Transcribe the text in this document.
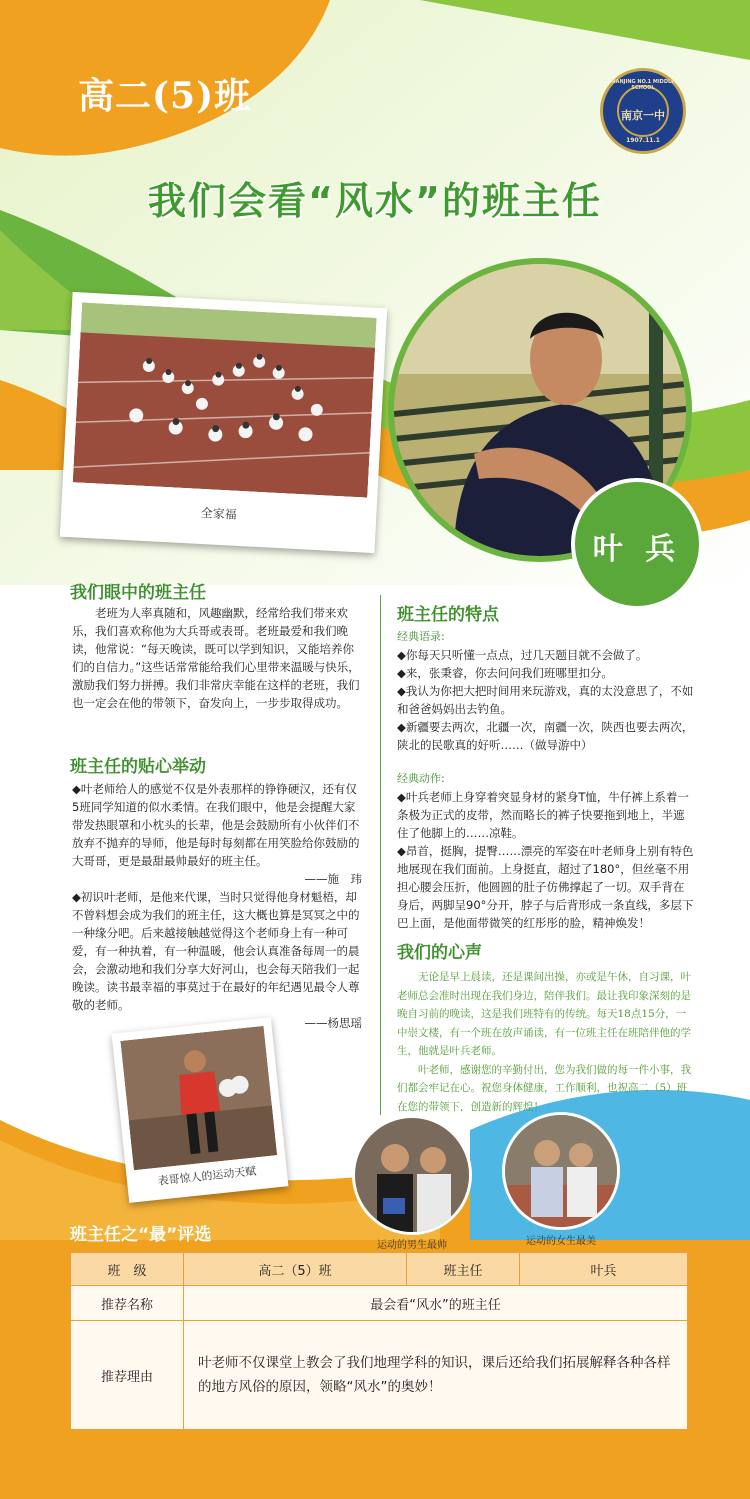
高二(5)班	NANJING NO.1 MIDDLE SCHOOL
南京一中
1907.11.1
我们会看“风水”的班主任
全家福
叶 兵
我们眼中的班主任

老班为人率真随和，风趣幽默，经常给我们带来欢乐，我们喜欢称他为大兵哥或表哥。老班最爱和我们晚读，他常说：“每天晚读，既可以学到知识，又能培养你们的自信力。”这些话常常能给我们心里带来温暖与快乐，激励我们努力拼搏。我们非常庆幸能在这样的老班，我们也一定会在他的带领下，奋发向上，一步步取得成功。

班主任的贴心举动

◆叶老师给人的感觉不仅是外表那样的铮铮硬汉，还有仅5班同学知道的似水柔情。在我们眼中，他是会提醒大家带发热眼罩和小枕头的长辈，他是会鼓励所有小伙伴们不放弃不抛弃的导师，他是每时每刻都在用笑脸给你鼓励的大哥哥，更是最甜最帅最好的班主任。

——施　玮

◆初识叶老师，是他来代课，当时只觉得他身材魁梧，却不曾料想会成为我们的班主任，这大概也算是冥冥之中的一种缘分吧。后来越接触越觉得这个老师身上有一种可爱，有一种执着，有一种温暖，他会认真准备每周一的晨会，会激动地和我们分享大好河山，也会每天陪我们一起晚读。读书最幸福的事莫过于在最好的年纪遇见最令人尊敬的老师。

——杨思瑶

表哥惊人的运动天赋
班主任的特点

经典语录:

◆你每天只听懂一点点，过几天题目就不会做了。

◆来，张秉睿，你去问问我们班哪里扣分。

◆我认为你把大把时间用来玩游戏，真的太没意思了，不如和爸爸妈妈出去钓鱼。

◆新疆要去两次，北疆一次，南疆一次，陕西也要去两次，陕北的民歌真的好听……（做导游中）

经典动作:

◆叶兵老师上身穿着突显身材的紧身T恤，牛仔裤上系着一条极为正式的皮带，然而略长的裤子快要拖到地上，半遮住了他脚上的……凉鞋。

◆昂首，挺胸，提臀……漂亮的军姿在叶老师身上别有特色地展现在我们面前。上身挺直，超过了180°，但丝毫不用担心腰会压折，他圆圆的肚子仿佛撑起了一切。双手背在身后，两脚呈90°分开，脖子与后背形成一条直线，多层下巴上面，是他面带微笑的红彤彤的脸，精神焕发！

我们的心声

无论是早上晨读，还是课间出操，亦或是午休，自习课，叶老师总会准时出现在我们身边，陪伴我们。最让我印象深刻的是晚自习前的晚读，这是我们班特有的传统。每天18点15分，一中崇文楼，有一个班在放声诵读，有一位班主任在班陪伴他的学生，他就是叶兵老师。

叶老师，感谢您的辛勤付出，您为我们做的每一件小事，我们都会牢记在心。祝您身体健康，工作顺利，也祝高二（5）班在您的带领下，创造新的辉煌！

运动的男生最帅	运动的女生最美
班主任之“最”评选
班　级	高二（5）班	班主任	叶兵
推荐名称	最会看“风水”的班主任		
推荐理由	叶老师不仅课堂上教会了我们地理学科的知识，课后还给我们拓展解释各种各样的地方风俗的原因，领略“风水”的奥妙！		
